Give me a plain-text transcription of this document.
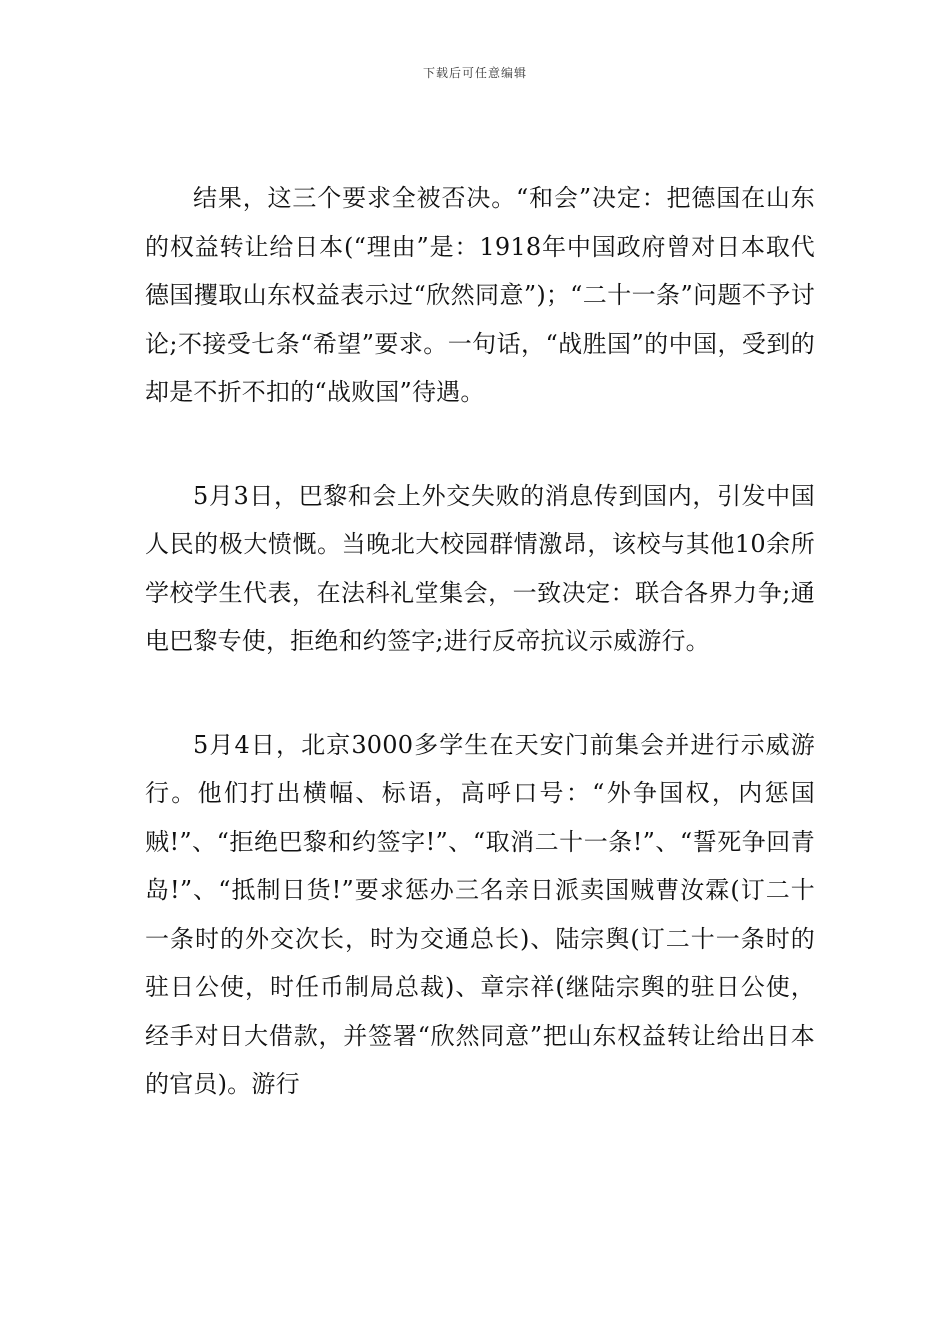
下载后可任意编辑

结果，这三个要求全被否决。“和会”决定：把德国在山东的权益转让给日本(“理由”是：1918年中国政府曾对日本取代德国攫取山东权益表示过“欣然同意”)；“二十一条”问题不予讨论;不接受七条“希望”要求。一句话，“战胜国”的中国，受到的却是不折不扣的“战败国”待遇。

5月3日，巴黎和会上外交失败的消息传到国内，引发中国人民的极大愤慨。当晚北大校园群情激昂，该校与其他10余所学校学生代表，在法科礼堂集会，一致决定：联合各界力争;通电巴黎专使，拒绝和约签字;进行反帝抗议示威游行。

5月4日，北京3000多学生在天安门前集会并进行示威游行。他们打出横幅、标语，高呼口号：“外争国权，内惩国贼!”、“拒绝巴黎和约签字!”、“取消二十一条!”、“誓死争回青岛!”、“抵制日货!”要求惩办三名亲日派卖国贼曹汝霖(订二十一条时的外交次长，时为交通总长)、陆宗舆(订二十一条时的驻日公使，时任币制局总裁)、章宗祥(继陆宗舆的驻日公使，经手对日大借款，并签署“欣然同意”把山东权益转让给出日本的官员)。游行
